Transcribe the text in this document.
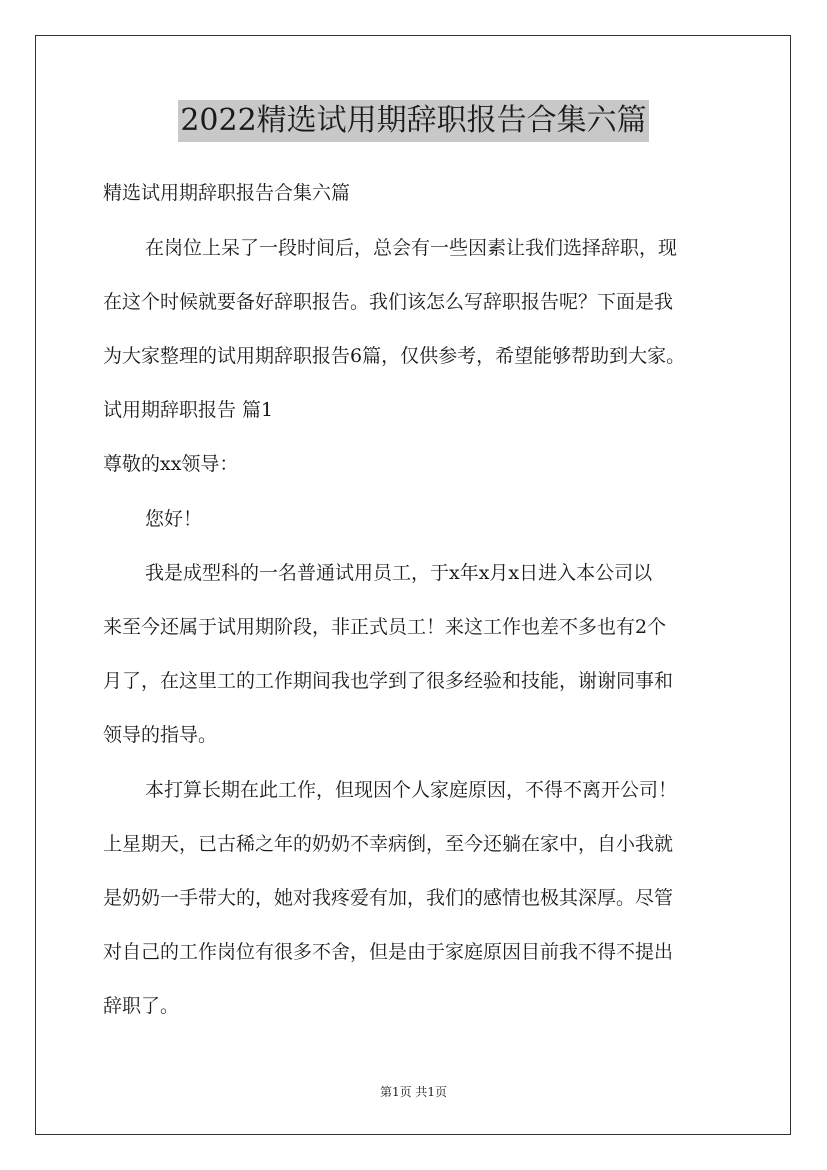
2022精选试用期辞职报告合集六篇
精选试用期辞职报告合集六篇
在岗位上呆了一段时间后，总会有一些因素让我们选择辞职，现
在这个时候就要备好辞职报告。我们该怎么写辞职报告呢？下面是我
为大家整理的试用期辞职报告6篇，仅供参考，希望能够帮助到大家。
试用期辞职报告 篇1
尊敬的xx领导：
您好！
我是成型科的一名普通试用员工，于x年x月x日进入本公司以
来至今还属于试用期阶段，非正式员工！来这工作也差不多也有2个
月了，在这里工的工作期间我也学到了很多经验和技能，谢谢同事和
领导的指导。
本打算长期在此工作，但现因个人家庭原因，不得不离开公司！
上星期天，已古稀之年的奶奶不幸病倒，至今还躺在家中，自小我就
是奶奶一手带大的，她对我疼爱有加，我们的感情也极其深厚。尽管
对自己的工作岗位有很多不舍，但是由于家庭原因目前我不得不提出
辞职了。
第1页 共1页
